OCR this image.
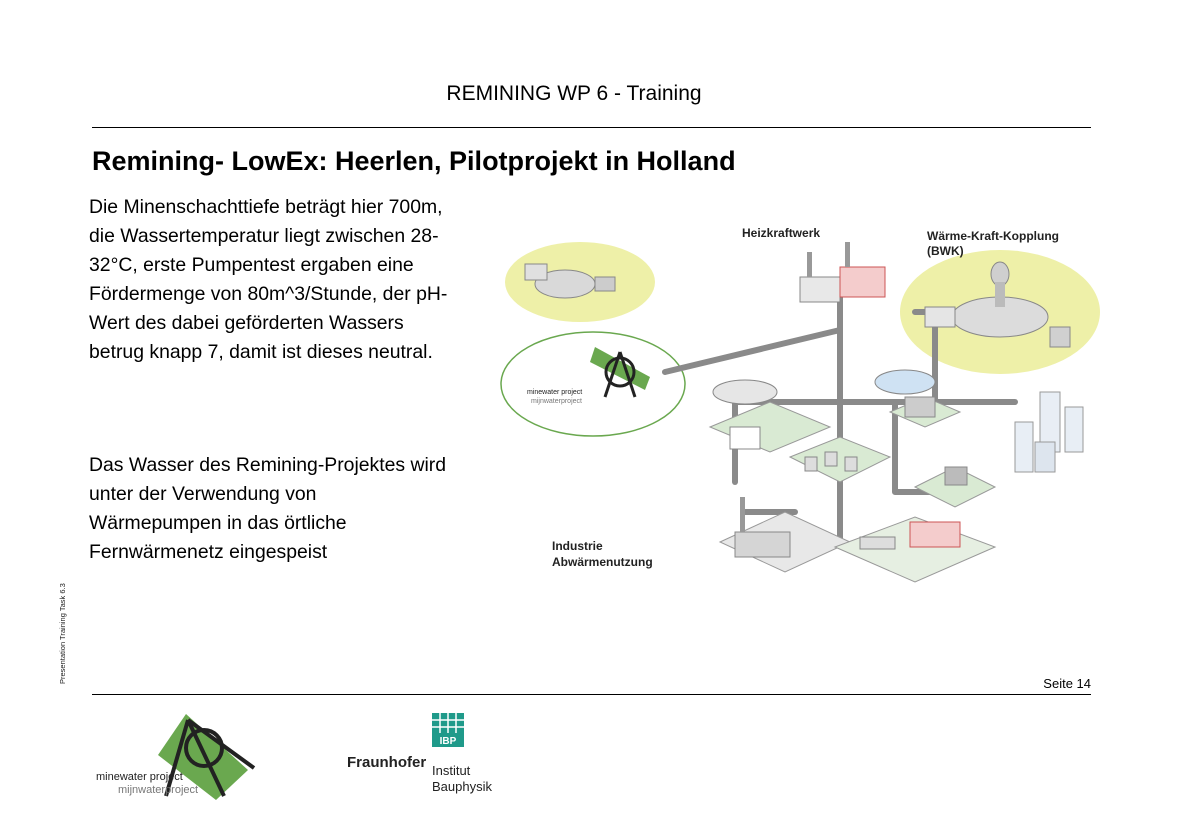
REMINING WP 6 - Training
Remining- LowEx: Heerlen, Pilotprojekt in Holland
Die Minenschachttiefe beträgt hier 700m, die Wassertemperatur liegt zwischen 28- 32°C, erste Pumpentest ergaben eine Fördermenge von 80m^3/Stunde, der pH-Wert des dabei geförderten Wassers betrug knapp 7, damit ist dieses neutral.
Das Wasser des Remining-Projektes wird unter der Verwendung von Wärmepumpen in das örtliche Fernwärmenetz eingespeist
minewater project
mijnwaterproject
Heizkraftwerk	Wärme-Kraft-Kopplung
(BWK)
Industrie
Abwärmenutzung
Presentation Training Task 6.3	Seite 14
minewater project
mijnwaterproject
IBP
Fraunhofer Institut
Bauphysik
